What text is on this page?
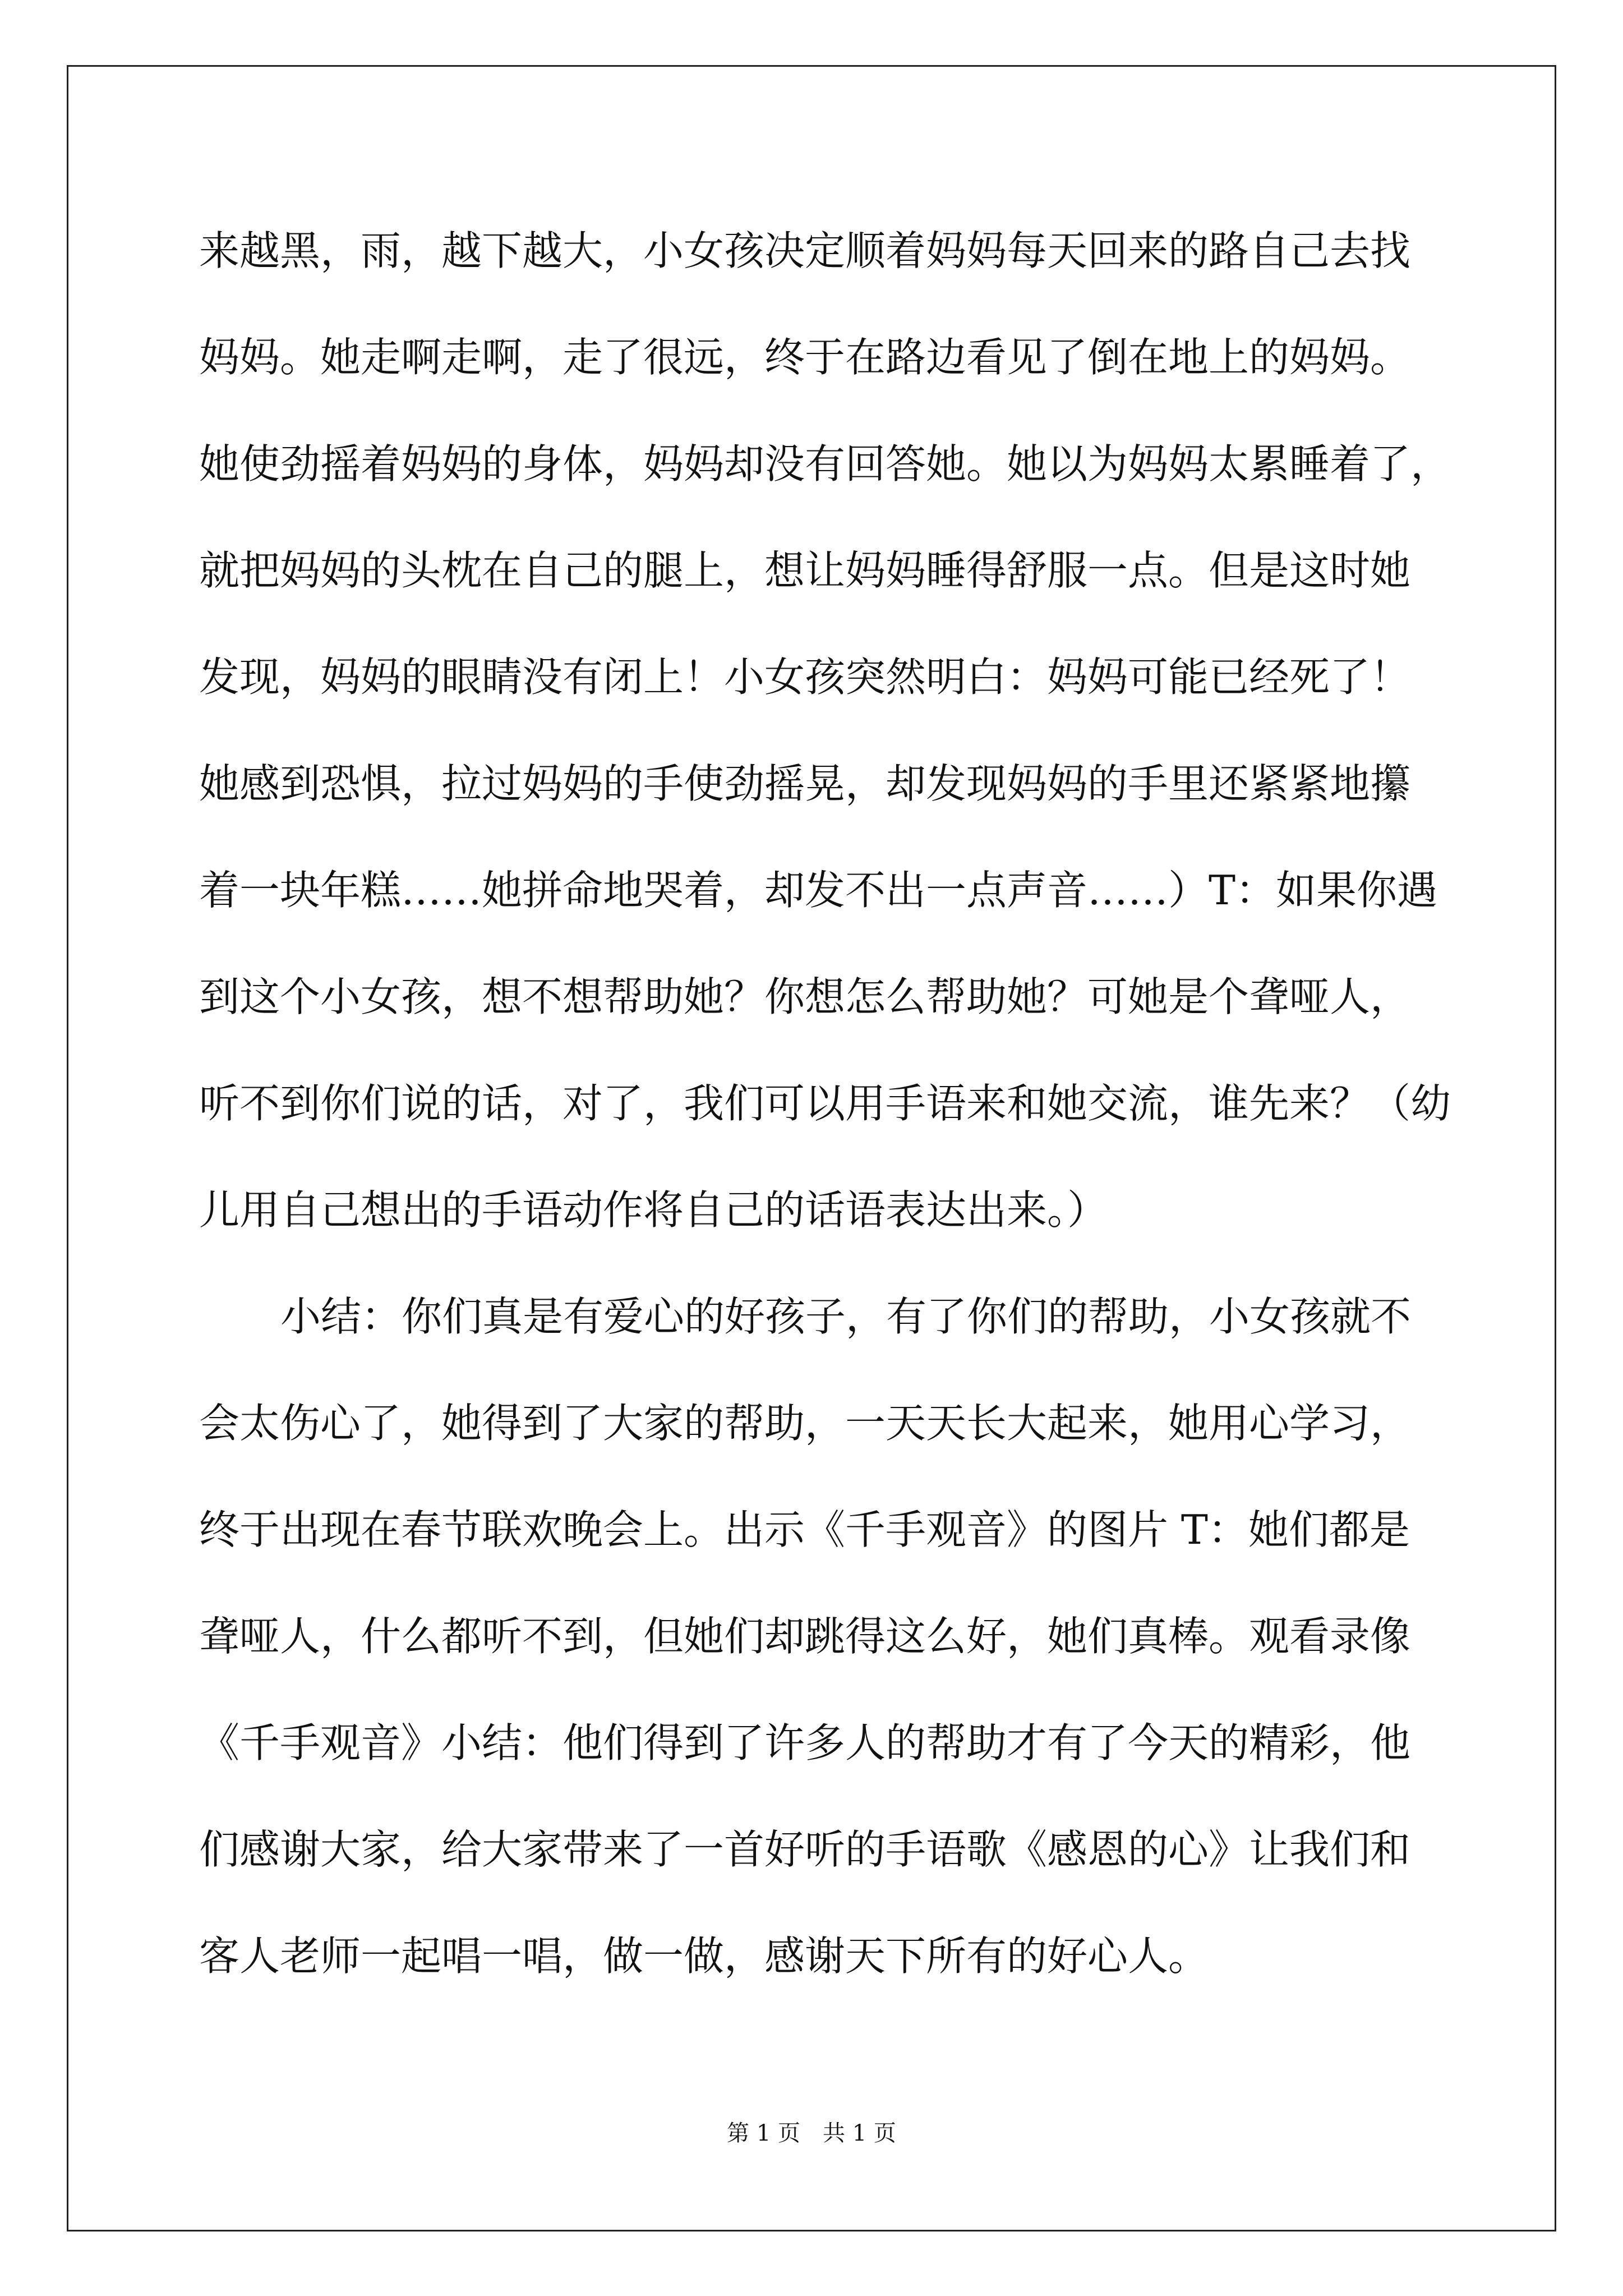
来越黑，雨，越下越大，小女孩决定顺着妈妈每天回来的路自己去找
妈妈。她走啊走啊，走了很远，终于在路边看见了倒在地上的妈妈。
她使劲摇着妈妈的身体，妈妈却没有回答她。她以为妈妈太累睡着了，
就把妈妈的头枕在自己的腿上，想让妈妈睡得舒服一点。但是这时她
发现，妈妈的眼睛没有闭上！小女孩突然明白：妈妈可能已经死了！
她感到恐惧，拉过妈妈的手使劲摇晃，却发现妈妈的手里还紧紧地攥
着一块年糕……她拼命地哭着，却发不出一点声音……）T：如果你遇
到这个小女孩，想不想帮助她？你想怎么帮助她？可她是个聋哑人，
听不到你们说的话，对了，我们可以用手语来和她交流，谁先来？（幼
儿用自己想出的手语动作将自己的话语表达出来。）
小结：你们真是有爱心的好孩子，有了你们的帮助，小女孩就不
会太伤心了，她得到了大家的帮助，一天天长大起来，她用心学习，
终于出现在春节联欢晚会上。出示《千手观音》的图片 T：她们都是
聋哑人，什么都听不到，但她们却跳得这么好，她们真棒。观看录像
《千手观音》小结：他们得到了许多人的帮助才有了今天的精彩，他
们感谢大家，给大家带来了一首好听的手语歌《感恩的心》让我们和
客人老师一起唱一唱，做一做，感谢天下所有的好心人。
第 1 页　共 1 页
